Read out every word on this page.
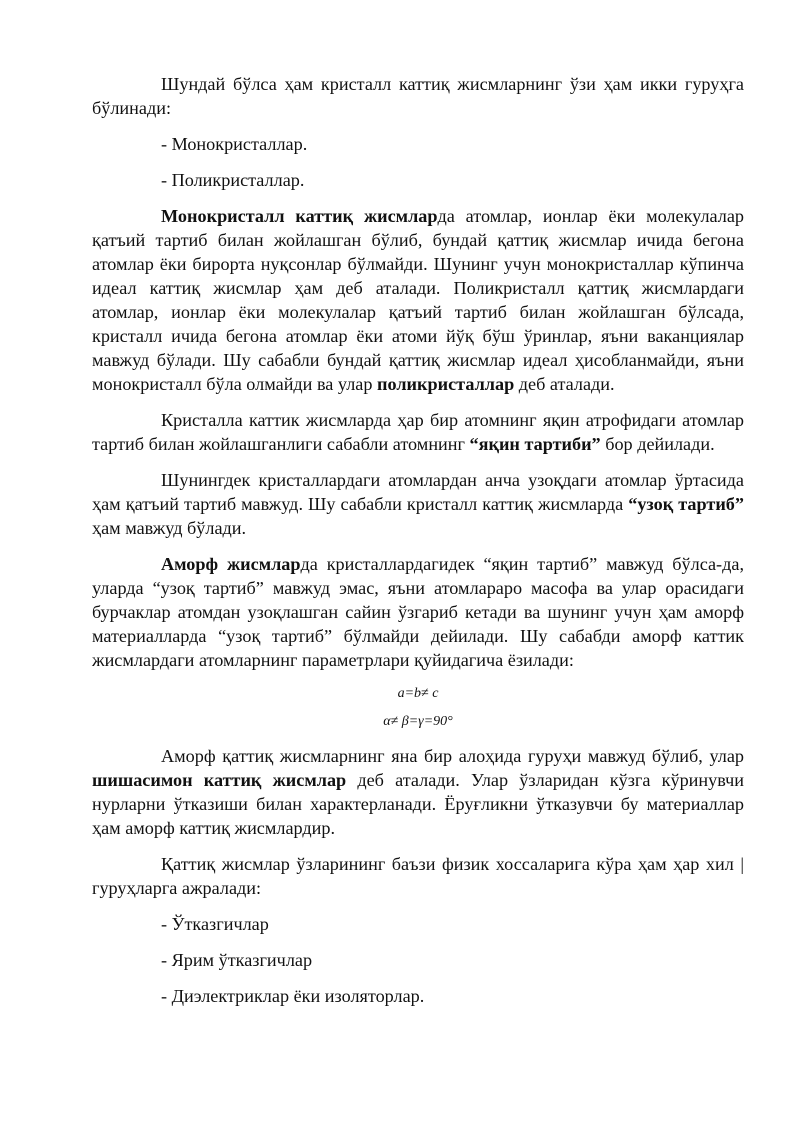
Шундай бўлса ҳам кристалл каттиқ жисмларнинг ўзи ҳам икки гуруҳга бўлинади:

- Монокристаллар.

- Поликристаллар.

Монокристалл каттиқ жисмларда атомлар, ионлар ёки молекулалар қатъий тартиб билан жойлашган бўлиб, бундай қаттиқ жисмлар ичида бегона атомлар ёки бирорта нуқсонлар бўлмайди. Шунинг учун монокристаллар кўпинча идеал каттиқ жисмлар ҳам деб аталади. Поликристалл қаттиқ жисмлардаги атомлар, ионлар ёки молекулалар қатъий тартиб билан жойлашган бўлсада, кристалл ичида бегона атомлар ёки атоми йўқ бўш ўринлар, яъни ваканциялар мавжуд бўлади. Шу сабабли бундай қаттиқ жисмлар идеал ҳисобланмайди, яъни монокристалл бўла олмайди ва улар поликристаллар деб аталади.

Кристалла каттик жисмларда ҳар бир атомнинг яқин атрофидаги атомлар тартиб билан жойлашганлиги сабабли атомнинг “яқин тартиби” бор дейилади.

Шунингдек кристаллардаги атомлардан анча узоқдаги атомлар ўртасида ҳам қатъий тартиб мавжуд. Шу сабабли кристалл каттиқ жисмларда “узоқ тартиб” ҳам мавжуд бўлади.

Аморф жисмларда кристаллардагидек “яқин тартиб” мавжуд бўлса-да, уларда “узоқ тартиб” мавжуд эмас, яъни атомлараро масофа ва улар орасидаги бурчаклар атомдан узоқлашган сайин ўзгариб кетади ва шунинг учун ҳам аморф материалларда “узоқ тартиб” бўлмайди дейилади. Шу сабабди аморф каттик жисмлардаги атомларнинг параметрлари қуйидагича ёзилади:

a=b≠ c

α≠ β=γ=90°

Аморф қаттиқ жисмларнинг яна бир алоҳида гуруҳи мавжуд бўлиб, улар шишасимон каттиқ жисмлар деб аталади. Улар ўзларидан кўзга кўринувчи нурларни ўтказиши билан характерланади. Ёруғликни ўтказувчи бу материаллар ҳам аморф каттиқ жисмлардир.

Қаттиқ жисмлар ўзларининг баъзи физик хоссаларига кўра ҳам ҳар хил | гуруҳларга ажралади:

- Ўтказгичлар

- Ярим ўтказгичлар

- Диэлектриклар ёки изоляторлар.
